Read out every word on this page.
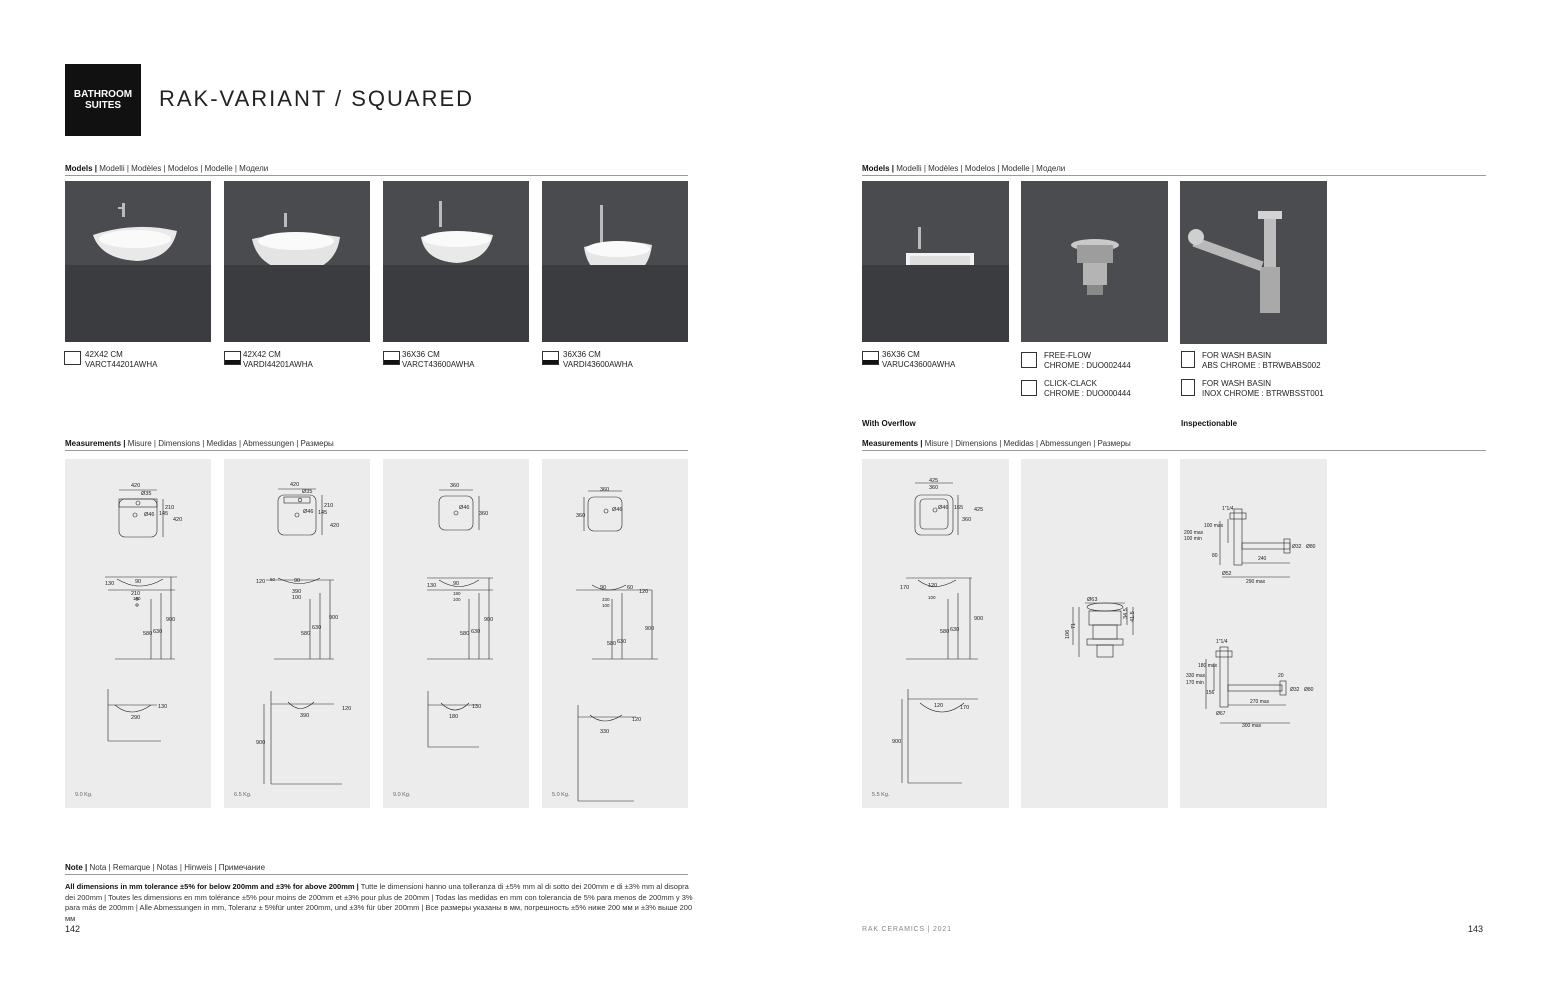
BATHROOM SUITES	RAK-VARIANT / SQUARED
Models | Modelli | Modèles | Modelos | Modelle | Модели	Models | Modelli | Modèles | Modelos | Modelle | Модели
42X42 CM
VARCT44201AWHA
42X42 CM
VARDI44201AWHA
36X36 CM
VARCT43600AWHA
36X36 CM
VARDI43600AWHA
36X36 CM
VARUC43600AWHA
FREE-FLOW
CHROME : DUO002444
CLICK-CLACK
CHROME : DUO000444
FOR WASH BASIN
ABS CHROME : BTRWBABS002
FOR WASH BASIN
INOX CHROME : BTRWBSST001
With Overflow	Inspectionable
Measurements | Misure | Dimensions | Medidas | Abmessungen | Размеры	Measurements | Misure | Dimensions | Medidas | Abmessungen | Размеры
420
Ø35
Ø46
210
145
420
130	90
210
190
580 630
900
130
290
9.0 Kg.
420
Ø35
Ø46
210
145
420
120 60	90
390
100
580
630
900
120
390
900
6.5 Kg.
360
Ø46
360
130	90
180
100
580 630
900
130
180
9.0 Kg.
360
Ø46
360
90	60
120
330
100
580 630
900
120
330
5.0 Kg.
425
360
Ø46 165
360
425
170	120
100
580 630
900
120	170
900
5.5 Kg.
Ø63
34.5 41.5
71
106
1"1/4
100 max
200 max
100 min
80
Ø32 Ø80
240
Ø52
290 max
1"1/4
180 max
330 max
170 min
156
20
Ø32 Ø80
270 max
Ø67
300 max
Note | Nota | Remarque | Notas | Hinweis | Примечание
All dimensions in mm tolerance ±5% for below 200mm and ±3% for above 200mm | Tutte le dimensioni hanno una tolleranza di ±5% mm al di sotto dei 200mm e di ±3% mm al disopra dei 200mm | Toutes les dimensions en mm tolérance ±5% pour moins de 200mm et ±3% pour plus de 200mm | Todas las medidas en mm con tolerancia de 5% para menos de 200mm y 3% para más de 200mm | Alle Abmessungen in mm, Toleranz ± 5%für unter 200mm, und ±3% für über 200mm | Все размеры указаны в мм, погрешность ±5% ниже 200 мм и ±3% выше 200 мм
142	RAK CERAMICS | 2021	143
